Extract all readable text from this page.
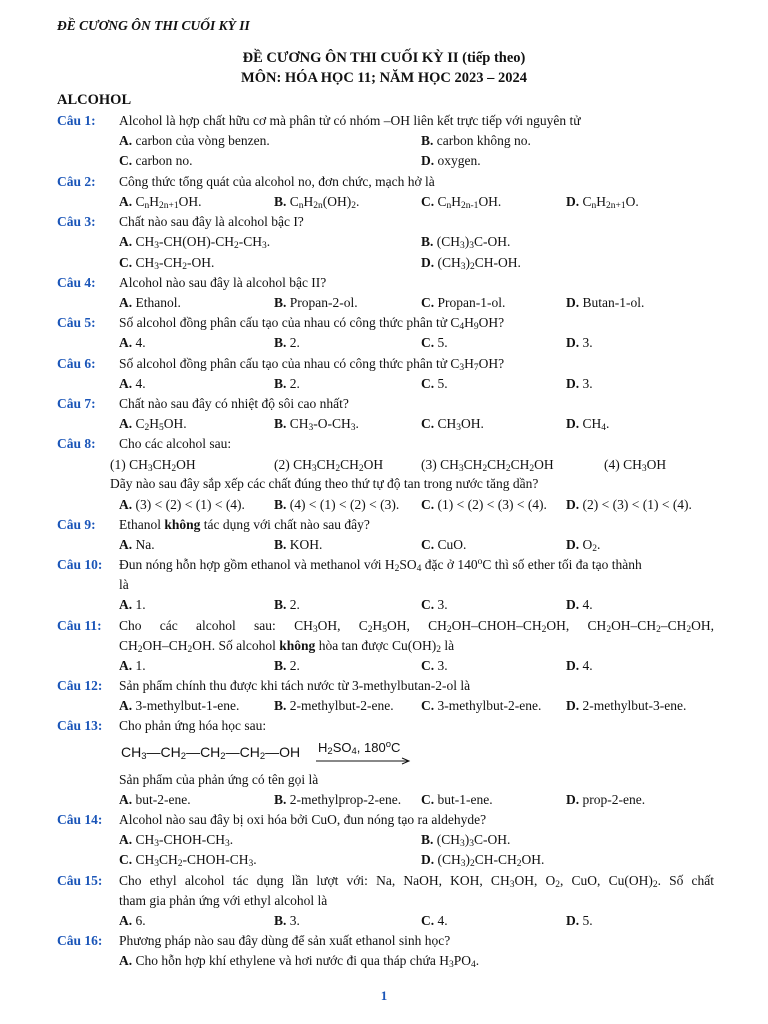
ĐỀ CƯƠNG ÔN THI CUỐI KỲ II
ĐỀ CƯƠNG ÔN THI CUỐI KỲ II (tiếp theo)
MÔN: HÓA HỌC 11; NĂM HỌC 2023 – 2024
ALCOHOL
Câu 1: Alcohol là hợp chất hữu cơ mà phân tử có nhóm –OH liên kết trực tiếp với nguyên tử
A. carbon của vòng benzen.	B. carbon không no.
C. carbon no.	D. oxygen.
Câu 2: Công thức tổng quát của alcohol no, đơn chức, mạch hở là
A. $C_nH_{2n+1}OH$.	B. $C_nH_{2n}(OH)_2$.	C. $C_nH_{2n-1}OH$.	D. $C_nH_{2n+1}O$.
Câu 3: Chất nào sau đây là alcohol bậc I?
A. $CH_3-CH(OH)-CH_2-CH_3$.	B. $(CH_3)_3C-OH$.
C. $CH_3-CH_2-OH$.	D. $(CH_3)_2CH-OH$.
Câu 4: Alcohol nào sau đây là alcohol bậc II?
A. Ethanol.	B. Propan-2-ol.	C. Propan-1-ol.	D. Butan-1-ol.
Câu 5: Số alcohol đồng phân cấu tạo của nhau có công thức phân tử $C_4H_9OH$?
A. 4.	B. 2.	C. 5.	D. 3.
Câu 6: Số alcohol đồng phân cấu tạo của nhau có công thức phân tử $C_3H_7OH$?
A. 4.	B. 2.	C. 5.	D. 3.
Câu 7: Chất nào sau đây có nhiệt độ sôi cao nhất?
A. $C_2H_5OH$.	B. $CH_3-O-CH_3$.	C. $CH_3OH$.	D. $CH_4$.
Câu 8: Cho các alcohol sau:
(1) $CH_3CH_2OH$	(2) $CH_3CH_2CH_2OH$	(3) $CH_3CH_2CH_2CH_2OH$	(4) $CH_3OH$
Dãy nào sau đây sắp xếp các chất đúng theo thứ tự độ tan trong nước tăng dần?
A. (3) < (2) < (1) < (4). B. (4) < (1) < (2) < (3). C. (1) < (2) < (3) < (4). D. (2) < (3) < (1) < (4).
Câu 9: Ethanol không tác dụng với chất nào sau đây?
A. Na.	B. KOH.	C. CuO.	D. $O_2$.
Câu 10: Đun nóng hỗn hợp gồm ethanol và methanol với $H_2SO_4$ đặc ở 140$^o$C thì số ether tối đa tạo thành
là
A. 1.	B. 2.	C. 3.	D. 4.
Câu 11: Cho các alcohol sau: $CH_3OH$, $C_2H_5OH$, $CH_2OH-CHOH-CH_2OH$, $CH_2OH-CH_2-CH_2OH$,
$CH_2OH-CH_2OH$. Số alcohol không hòa tan được $Cu(OH)_2$ là
A. 1.	B. 2.	C. 3.	D. 4.
Câu 12: Sản phẩm chính thu được khi tách nước từ 3-methylbutan-2-ol là
A. 3-methylbut-1-ene.	B. 2-methylbut-2-ene. C. 3-methylbut-2-ene. D. 2-methylbut-3-ene.
Câu 13: Cho phản ứng hóa học sau:
$CH_3—CH_2—CH_2—CH_2—OH$ $H_2SO_4$, 180$^o$C
Sản phẩm của phản ứng có tên gọi là
A. but-2-ene.	B. 2-methylprop-2-ene. C. but-1-ene.	D. prop-2-ene.
Câu 14: Alcohol nào sau đây bị oxi hóa bởi CuO, đun nóng tạo ra aldehyde?
A. $CH_3-CHOH-CH_3$.	B. $(CH_3)_3C-OH$.
C. $CH_3CH_2-CHOH-CH_3$.	D. $(CH_3)_2CH-CH_2OH$.
Câu 15: Cho ethyl alcohol tác dụng lần lượt với: Na, NaOH, KOH, $CH_3OH$, $O_2$, CuO, $Cu(OH)_2$. Số chất
tham gia phản ứng với ethyl alcohol là
A. 6.	B. 3.	C. 4.	D. 5.
Câu 16: Phương pháp nào sau đây dùng để sản xuất ethanol sinh học?
A. Cho hỗn hợp khí ethylene và hơi nước đi qua tháp chứa $H_3PO_4$.
1
